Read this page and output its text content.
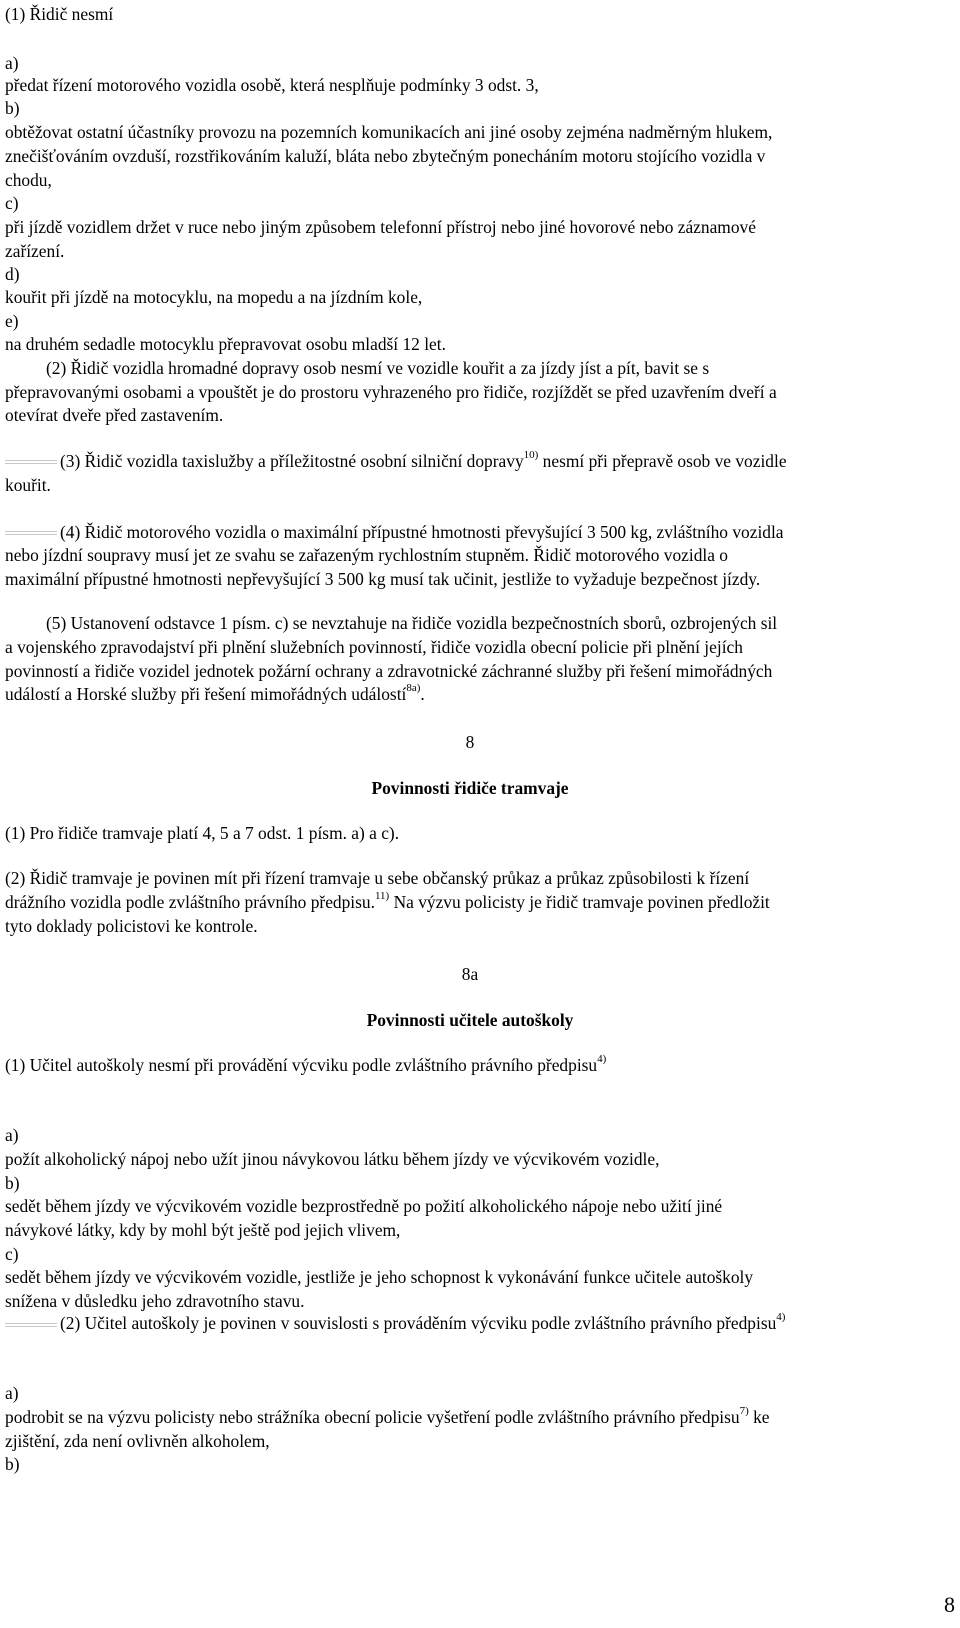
(1) Řidič nesmí
a)
předat řízení motorového vozidla osobě, která nesplňuje podmínky 3 odst. 3,
b)
obtěžovat ostatní účastníky provozu na pozemních komunikacích ani jiné osoby zejména nadměrným hlukem,
znečišťováním ovzduší, rozstřikováním kaluží, bláta nebo zbytečným ponecháním motoru stojícího vozidla v
chodu,
c)
při jízdě vozidlem držet v ruce nebo jiným způsobem telefonní přístroj nebo jiné hovorové nebo záznamové
zařízení.
d)
kouřit při jízdě na motocyklu, na mopedu a na jízdním kole,
e)
na druhém sedadle motocyklu přepravovat osobu mladší 12 let.
(2) Řidič vozidla hromadné dopravy osob nesmí ve vozidle kouřit a za jízdy jíst a pít, bavit se s
přepravovanými osobami a vpouštět je do prostoru vyhrazeného pro řidiče, rozjíždět se před uzavřením dveří a
otevírat dveře před zastavením.
(3) Řidič vozidla taxislužby a příležitostné osobní silniční dopravy$^{10)}$ nesmí při přepravě osob ve vozidle
kouřit.
(4) Řidič motorového vozidla o maximální přípustné hmotnosti převyšující 3 500 kg, zvláštního vozidla
nebo jízdní soupravy musí jet ze svahu se zařazeným rychlostním stupněm. Řidič motorového vozidla o
maximální přípustné hmotnosti nepřevyšující 3 500 kg musí tak učinit, jestliže to vyžaduje bezpečnost jízdy.
(5) Ustanovení odstavce 1 písm. c) se nevztahuje na řidiče vozidla bezpečnostních sborů, ozbrojených sil
a vojenského zpravodajství při plnění služebních povinností, řidiče vozidla obecní policie při plnění jejích
povinností a řidiče vozidel jednotek požární ochrany a zdravotnické záchranné služby při řešení mimořádných
událostí a Horské služby při řešení mimořádných událostí$^{8a)}$.
8
Povinnosti řidiče tramvaje
(1) Pro řidiče tramvaje platí 4, 5 a 7 odst. 1 písm. a) a c).
(2) Řidič tramvaje je povinen mít při řízení tramvaje u sebe občanský průkaz a průkaz způsobilosti k řízení
drážního vozidla podle zvláštního právního předpisu.$^{11)}$ Na výzvu policisty je řidič tramvaje povinen předložit
tyto doklady policistovi ke kontrole.
8a
Povinnosti učitele autoškoly
(1) Učitel autoškoly nesmí při provádění výcviku podle zvláštního právního předpisu$^{4)}$
a)
požít alkoholický nápoj nebo užít jinou návykovou látku během jízdy ve výcvikovém vozidle,
b)
sedět během jízdy ve výcvikovém vozidle bezprostředně po požití alkoholického nápoje nebo užití jiné
návykové látky, kdy by mohl být ještě pod jejich vlivem,
c)
sedět během jízdy ve výcvikovém vozidle, jestliže je jeho schopnost k vykonávání funkce učitele autoškoly
snížena v důsledku jeho zdravotního stavu.
(2) Učitel autoškoly je povinen v souvislosti s prováděním výcviku podle zvláštního právního předpisu$^{4)}$
a)
podrobit se na výzvu policisty nebo strážníka obecní policie vyšetření podle zvláštního právního předpisu$^{7)}$ ke
zjištění, zda není ovlivněn alkoholem,
b)
8
